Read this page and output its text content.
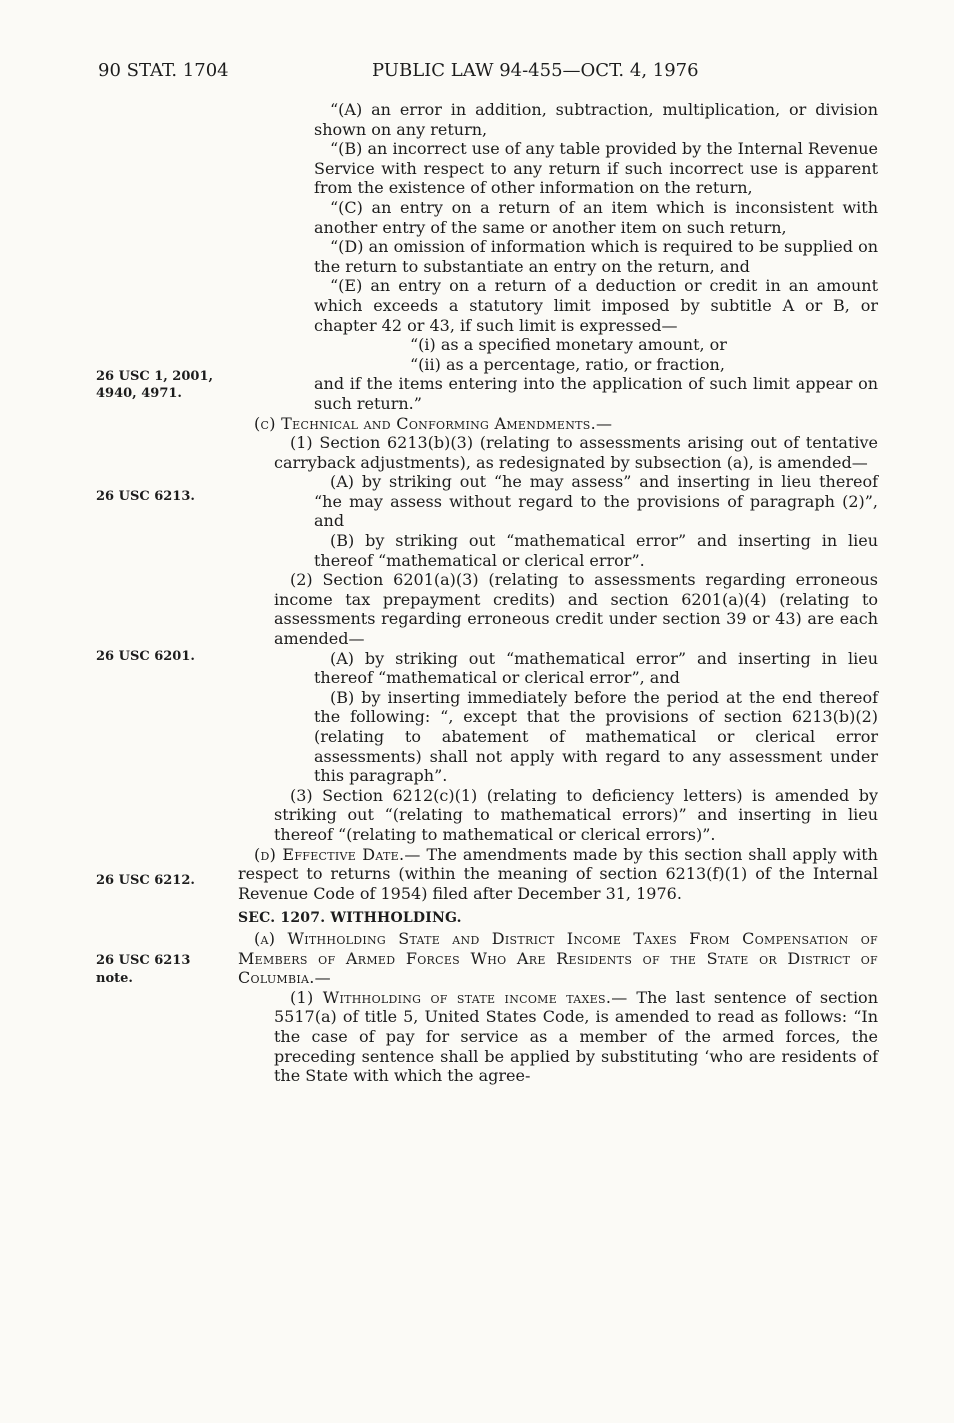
90 STAT. 1704	PUBLIC LAW 94-455—OCT. 4, 1976
26 USC 1, 2001, 4940, 4971.
26 USC 6213.
26 USC 6201.
26 USC 6212.
26 USC 6213
note.

“(A) an error in addition, subtraction, multiplication, or division shown on any return,

“(B) an incorrect use of any table provided by the Internal Revenue Service with respect to any return if such incorrect use is apparent from the existence of other information on the return,

“(C) an entry on a return of an item which is inconsistent with another entry of the same or another item on such return,

“(D) an omission of information which is required to be supplied on the return to substantiate an entry on the return, and

“(E) an entry on a return of a deduction or credit in an amount which exceeds a statutory limit imposed by subtitle A or B, or chapter 42 or 43, if such limit is expressed—

“(i) as a specified monetary amount, or

“(ii) as a percentage, ratio, or fraction,

and if the items entering into the application of such limit appear on such return.”

(c) Technical and Conforming Amendments.—

(1) Section 6213(b)(3) (relating to assessments arising out of tentative carryback adjustments), as redesignated by subsection (a), is amended—

(A) by striking out “he may assess” and inserting in lieu thereof “he may assess without regard to the provisions of paragraph (2)”, and

(B) by striking out “mathematical error” and inserting in lieu thereof “mathematical or clerical error”.

(2) Section 6201(a)(3) (relating to assessments regarding erroneous income tax prepayment credits) and section 6201(a)(4) (relating to assessments regarding erroneous credit under section 39 or 43) are each amended—

(A) by striking out “mathematical error” and inserting in lieu thereof “mathematical or clerical error”, and

(B) by inserting immediately before the period at the end thereof the following: “, except that the provisions of section 6213(b)(2) (relating to abatement of mathematical or clerical error assessments) shall not apply with regard to any assessment under this paragraph”.

(3) Section 6212(c)(1) (relating to deficiency letters) is amended by striking out “(relating to mathematical errors)” and inserting in lieu thereof “(relating to mathematical or clerical errors)”.

(d) Effective Date.— The amendments made by this section shall apply with respect to returns (within the meaning of section 6213(f)(1) of the Internal Revenue Code of 1954) filed after December 31, 1976.

SEC. 1207. WITHHOLDING.

(a) Withholding State and District Income Taxes From Compensation of Members of Armed Forces Who Are Residents of the State or District of Columbia.—

(1) Withholding of state income taxes.— The last sentence of section 5517(a) of title 5, United States Code, is amended to read as follows: “In the case of pay for service as a member of the armed forces, the preceding sentence shall be applied by substituting ‘who are residents of the State with which the agree-
